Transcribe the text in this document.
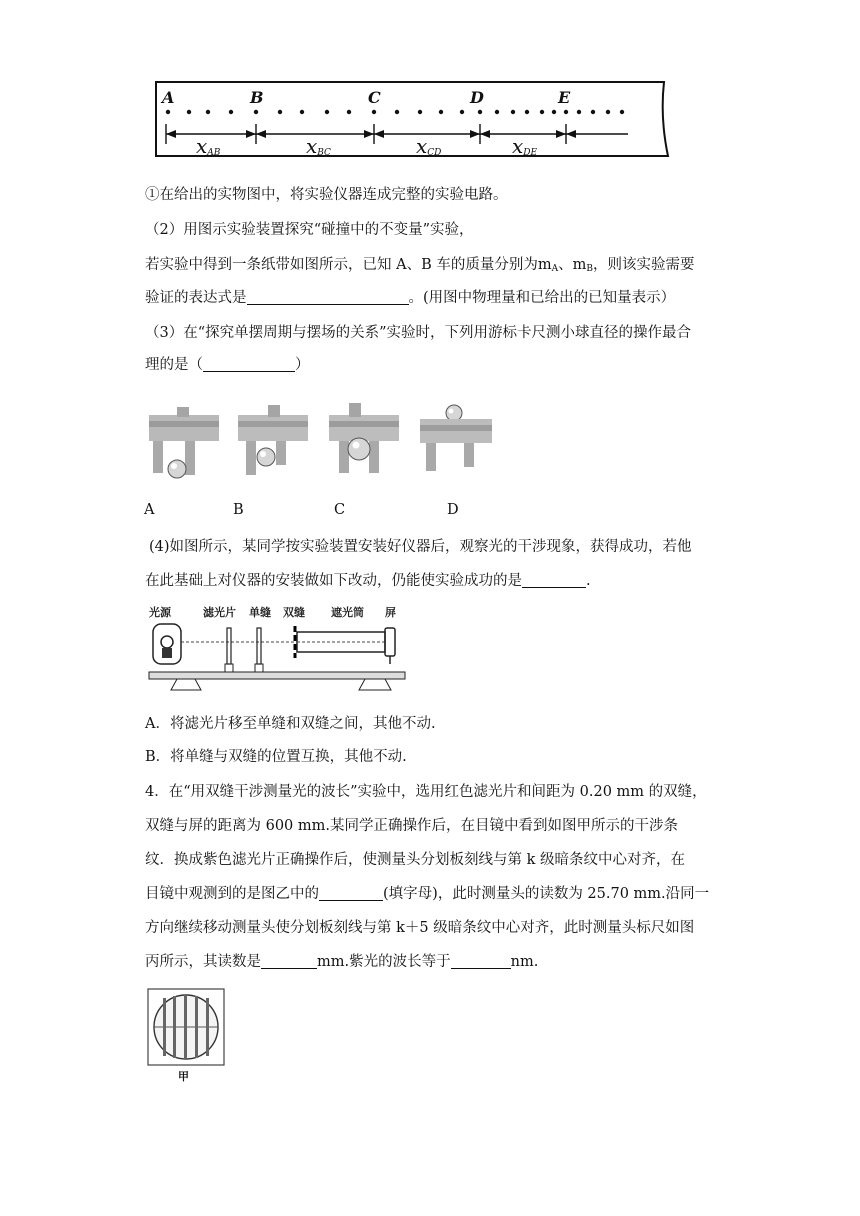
A	B	C	D	E
$x_{AB}$	$x_{BC}$	$x_{CD}$	$x_{DE}$
①在给出的实物图中，将实验仪器连成完整的实验电路。
（2）用图示实验装置探究“碰撞中的不变量”实验，
若实验中得到一条纸带如图所示，已知 A、B 车的质量分别为$m_A$、$m_B$，则该实验需要
验证的表达式是	。(用图中物理量和已给出的已知量表示）
（3）在“探究单摆周期与摆场的关系”实验时，下列用游标卡尺测小球直径的操作最合
理的是（	）
A	B	C	D
(4)如图所示，某同学按实验装置安装好仪器后，观察光的干涉现象，获得成功，若他
在此基础上对仪器的安装做如下改动，仍能使实验成功的是	.
光源	滤光片 单缝 双缝 遮光筒 屏
A．将滤光片移至单缝和双缝之间，其他不动.
B．将单缝与双缝的位置互换，其他不动.
4．在“用双缝干涉测量光的波长”实验中，选用红色滤光片和间距为 0.20 mm 的双缝，
双缝与屏的距离为 600 mm.某同学正确操作后，在目镜中看到如图甲所示的干涉条
纹．换成紫色滤光片正确操作后，使测量头分划板刻线与第 k 级暗条纹中心对齐，在
目镜中观测到的是图乙中的	(填字母)，此时测量头的读数为 25.70 mm.沿同一
方向继续移动测量头使分划板刻线与第 k＋5 级暗条纹中心对齐，此时测量头标尺如图
丙所示，其读数是	mm.紫光的波长等于	nm.
甲
